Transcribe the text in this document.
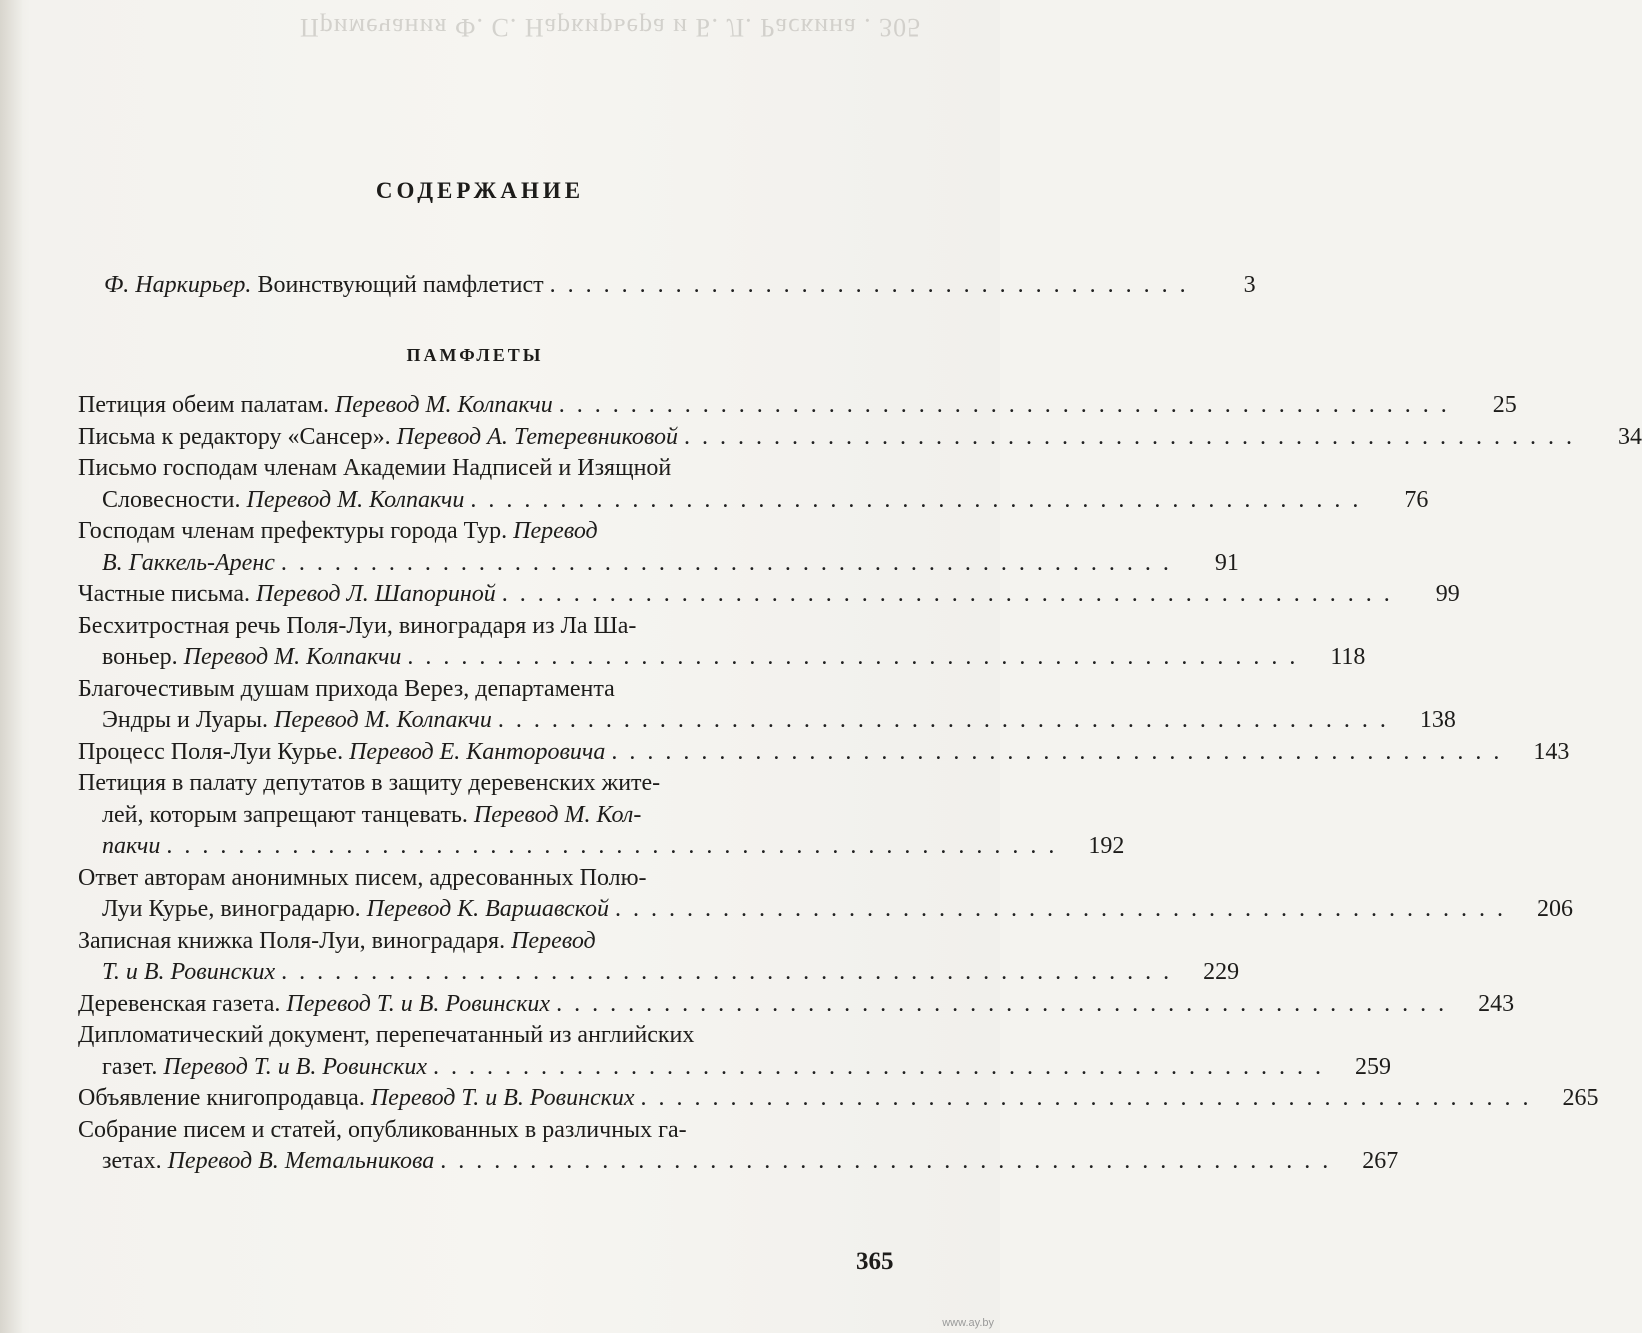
Примечания Ф. С. Наркирьера и Б. Л. Раскина . 305
СОДЕРЖАНИЕ
Ф. Наркирьер.
Воинствующий памфлетист ....................................	3
ПАМФЛЕТЫ
Петиция обеим палатам.
Перевод М. Колпакчи ..................................................	25
Письма к редактору «Сансер».
Перевод А. Тетеревниковой ..................................................	34
Письмо господам членам Академии Надписей и Изящной
Словесности.
Перевод М. Колпакчи ..................................................	76
Господам членам префектуры города Тур.
Перевод
В. Гаккель-Аренс ..................................................	91
Частные письма.
Перевод Л. Шапориной ..................................................	99
Бесхитростная речь Поля-Луи, виноградаря из Ла Ша-
воньер.
Перевод М. Колпакчи .................................................. 118
Благочестивым душам прихода Верез, департамента
Эндры и Луары.
Перевод М. Колпакчи .................................................. 138
Процесс Поля-Луи Курье.
Перевод Е. Канторовича .................................................. 143
Петиция в палату депутатов в защиту деревенских жите-
лей, которым запрещают танцевать.
Перевод М. Кол-
пакчи .................................................. 192
Ответ авторам анонимных писем, адресованных Полю-
Луи Курье, виноградарю.
Перевод К. Варшавской .................................................. 206
Записная книжка Поля-Луи, виноградаря.
Перевод
Т. и В. Ровинских .................................................. 229
Деревенская газета.
Перевод Т. и В. Ровинских .................................................. 243
Дипломатический документ, перепечатанный из английских
газет.
Перевод Т. и В. Ровинских .................................................. 259
Объявление книгопродавца.
Перевод Т. и В. Ровинских .................................................. 265
Собрание писем и статей, опубликованных в различных га-
зетах.
Перевод В. Метальникова .................................................. 267
365
www.ay.by
